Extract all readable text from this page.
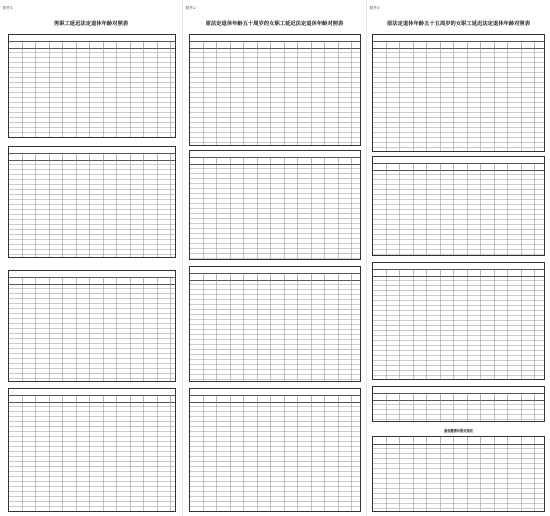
附件1：
男职工延迟法定退休年龄对照表
附件2：
原法定退休年龄五十周岁的女职工延迟法定退休年龄对照表
附件3：
原法定退休年龄五十五周岁的女职工延迟法定退休年龄对照表
最低缴费年限对照表
